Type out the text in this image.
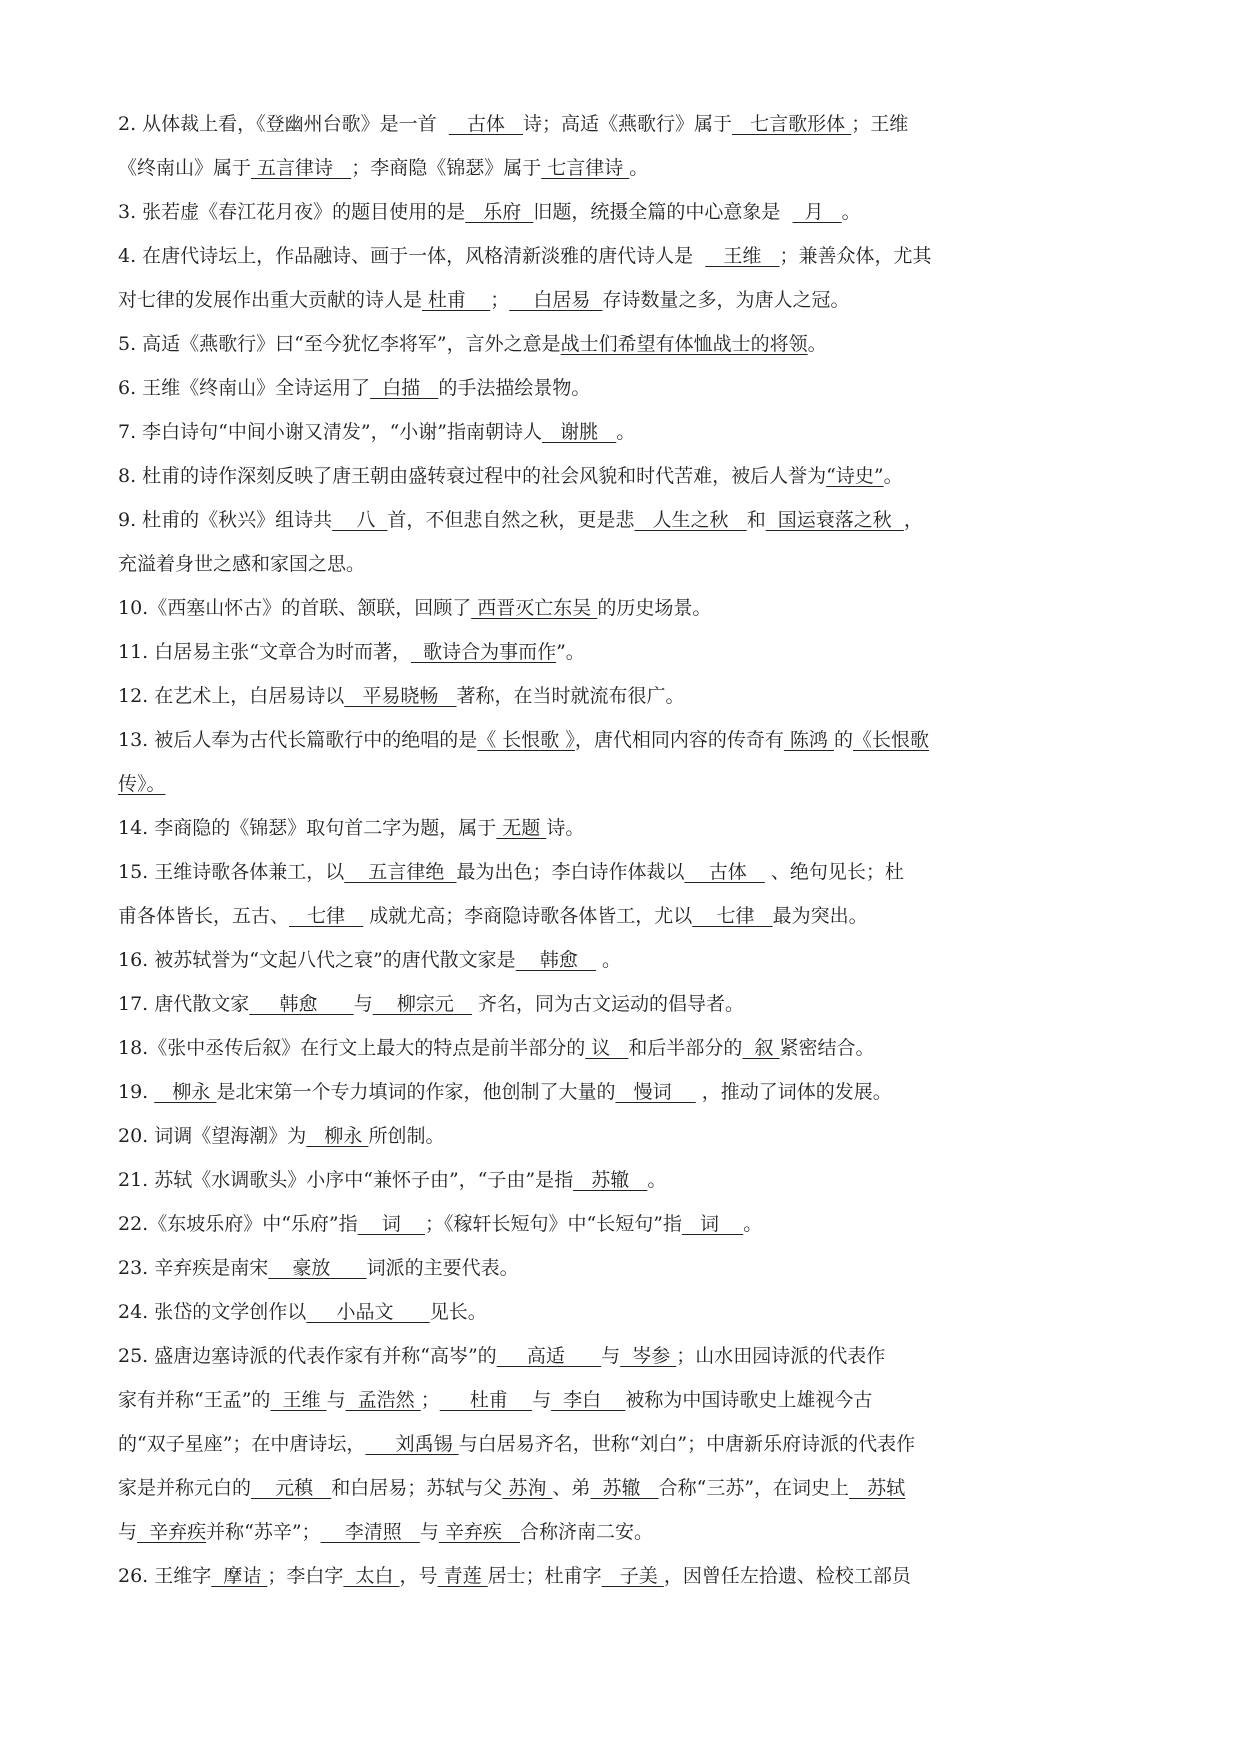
2. 从体裁上看，《登幽州台歌》是一首     古体   诗；高适《燕歌行》属于   七言歌形体 ；王维
《终南山》属于 五言律诗   ；李商隐《锦瑟》属于 七言律诗 。
3. 张若虚《春江花月夜》的题目使用的是   乐府  旧题，统摄全篇的中心意象是    月   。
4. 在唐代诗坛上，作品融诗、画于一体，风格清新淡雅的唐代诗人是     王维   ；兼善众体，尤其
对七律的发展作出重大贡献的诗人是 杜甫    ；    白居易  存诗数量之多，为唐人之冠。
5. 高适《燕歌行》曰“至今犹忆李将军”，言外之意是战士们希望有体恤战士的将领。
6. 王维《终南山》全诗运用了  白描   的手法描绘景物。
7. 李白诗句“中间小谢又清发”，“小谢”指南朝诗人   谢朓   。
8. 杜甫的诗作深刻反映了唐王朝由盛转衰过程中的社会风貌和时代苦难，被后人誉为“诗史”。
9. 杜甫的《秋兴》组诗共    八  首，不但悲自然之秋，更是悲   人生之秋   和  国运衰落之秋  ，
充溢着身世之感和家国之思。
10.《西塞山怀古》的首联、颔联，回顾了 西晋灭亡东吴 的历史场景。
11. 白居易主张“文章合为时而著，  歌诗合为事而作”。
12. 在艺术上，白居易诗以   平易晓畅   著称，在当时就流布很广。
13. 被后人奉为古代长篇歌行中的绝唱的是《 长恨歌 》，唐代相同内容的传奇有 陈鸿 的《长恨歌
传》。
14. 李商隐的《锦瑟》取句首二字为题，属于 无题 诗。
15. 王维诗歌各体兼工，以    五言律绝  最为出色；李白诗作体裁以    古体    、绝句见长；杜
甫各体皆长，五古、   七律    成就尤高；李商隐诗歌各体皆工，尤以    七律   最为突出。
16. 被苏轼誉为“文起八代之衰”的唐代散文家是    韩愈    。
17. 唐代散文家     韩愈      与    柳宗元    齐名，同为古文运动的倡导者。
18.《张中丞传后叙》在行文上最大的特点是前半部分的 议   和后半部分的  叙 紧密结合。
19.    柳永 是北宋第一个专力填词的作家，他创制了大量的   慢词     ，推动了词体的发展。
20. 词调《望海潮》为   柳永 所创制。
21. 苏轼《水调歌头》小序中“兼怀子由”，“子由”是指   苏辙   。
22.《东坡乐府》中“乐府”指    词    ；《稼轩长短句》中“长短句”指   词    。
23. 辛弃疾是南宋    豪放      词派的主要代表。
24. 张岱的文学创作以     小品文      见长。
25. 盛唐边塞诗派的代表作家有并称“高岑”的     高适      与  岑参 ；山水田园诗派的代表作
家有并称“王孟”的  王维 与  孟浩然 ；     杜甫    与  李白    被称为中国诗歌史上雄视今古
的“双子星座”；在中唐诗坛，     刘禹锡 与白居易齐名，世称“刘白”；中唐新乐府诗派的代表作
家是并称元白的    元稹   和白居易；苏轼与父 苏洵 、弟  苏辙   合称“三苏”，在词史上   苏轼
与  辛弃疾并称“苏辛”；    李清照   与 辛弃疾   合称济南二安。
26. 王维字  摩诘 ；李白字  太白 ，号 青莲 居士；杜甫字   子美 ，因曾任左拾遗、检校工部员
